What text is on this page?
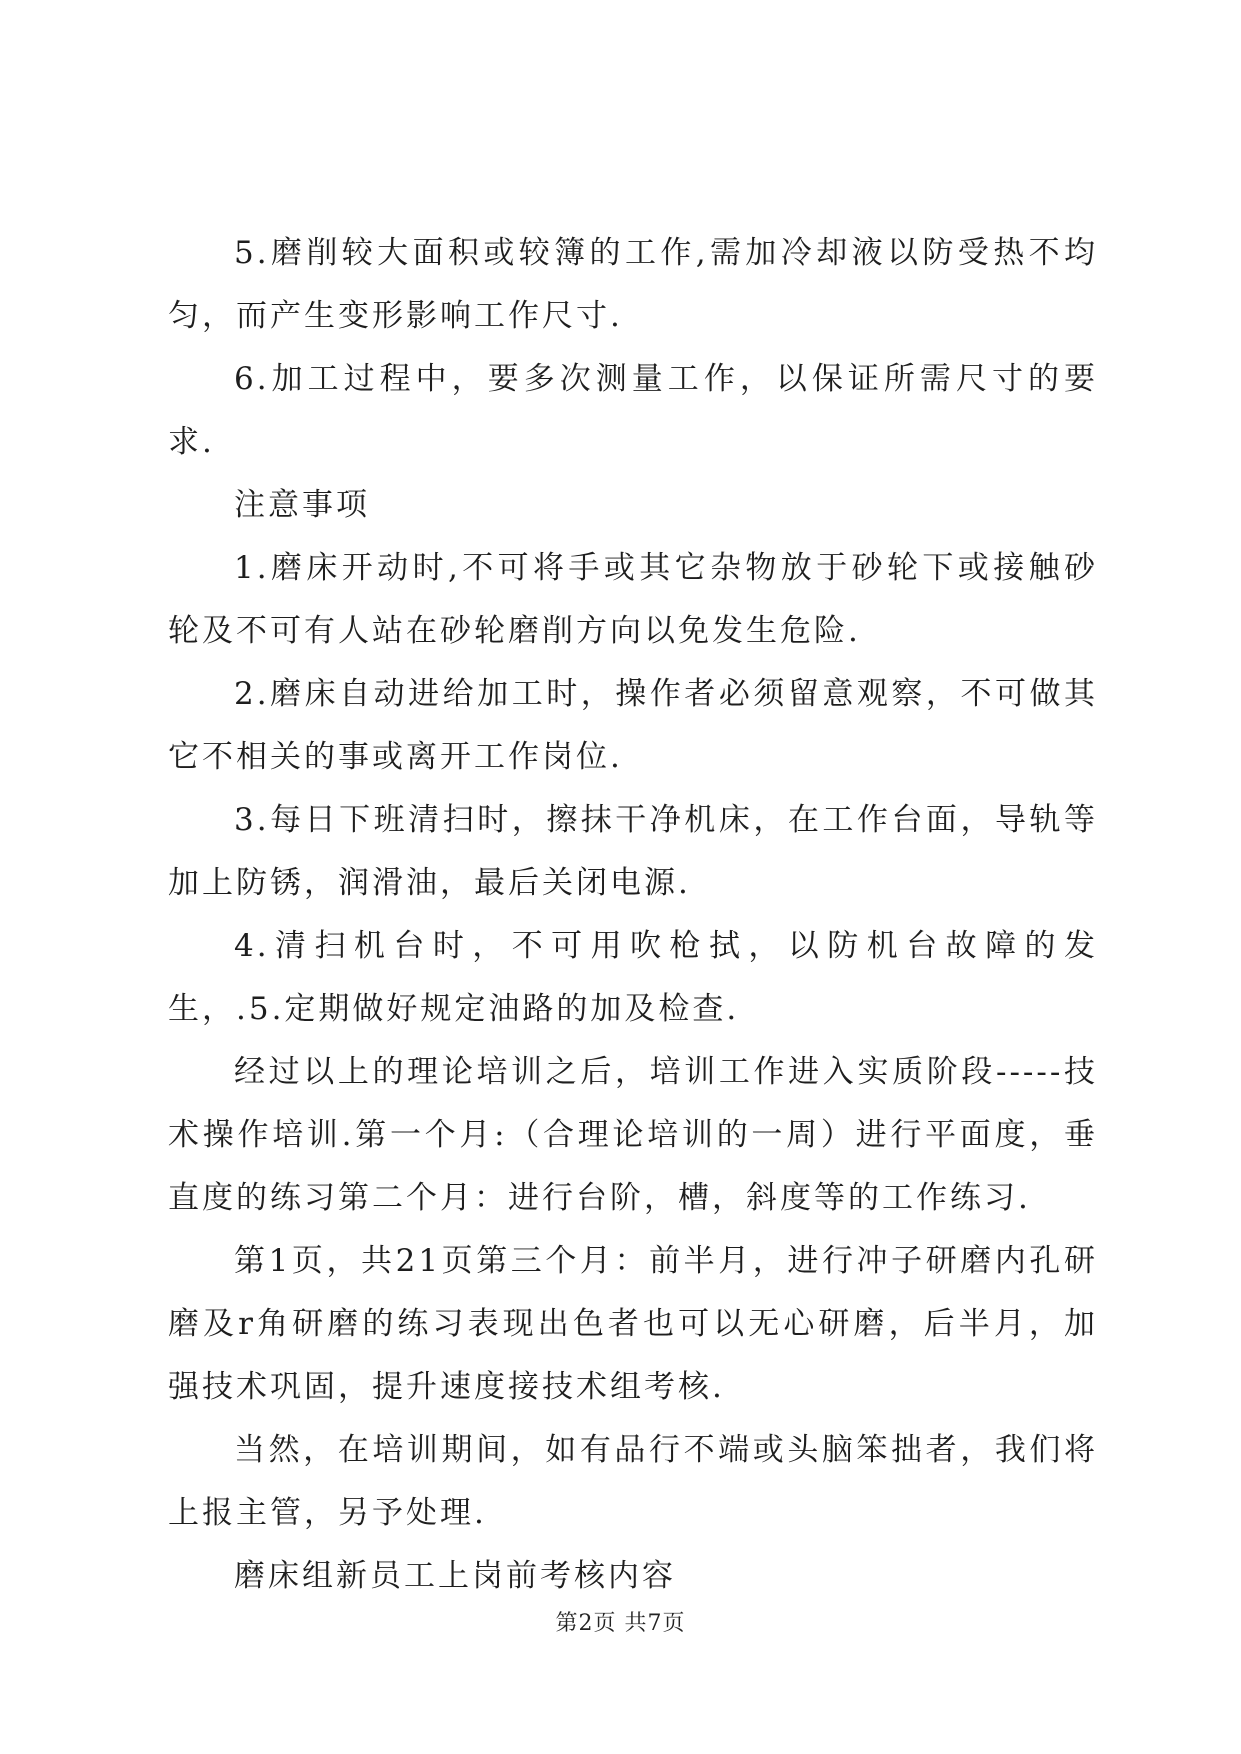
5.磨削较大面积或较簿的工作,需加冷却液以防受热不均匀，而产生变形影响工作尺寸.

6.加工过程中，要多次测量工作，以保证所需尺寸的要求.

注意事项

1.磨床开动时,不可将手或其它杂物放于砂轮下或接触砂轮及不可有人站在砂轮磨削方向以免发生危险.

2.磨床自动进给加工时，操作者必须留意观察，不可做其它不相关的事或离开工作岗位.

3.每日下班清扫时，擦抹干净机床，在工作台面，导轨等加上防锈，润滑油，最后关闭电源.

4.清扫机台时，不可用吹枪拭，以防机台故障的发生，.5.定期做好规定油路的加及检查.

经过以上的理论培训之后，培训工作进入实质阶段-----技术操作培训.第一个月:（合理论培训的一周）进行平面度，垂直度的练习第二个月：进行台阶，槽，斜度等的工作练习.

第1页，共21页第三个月：前半月，进行冲子研磨内孔研磨及r角研磨的练习表现出色者也可以无心研磨，后半月，加强技术巩固，提升速度接技术组考核.

当然，在培训期间，如有品行不端或头脑笨拙者，我们将上报主管，另予处理.

磨床组新员工上岗前考核内容

第2页 共7页
